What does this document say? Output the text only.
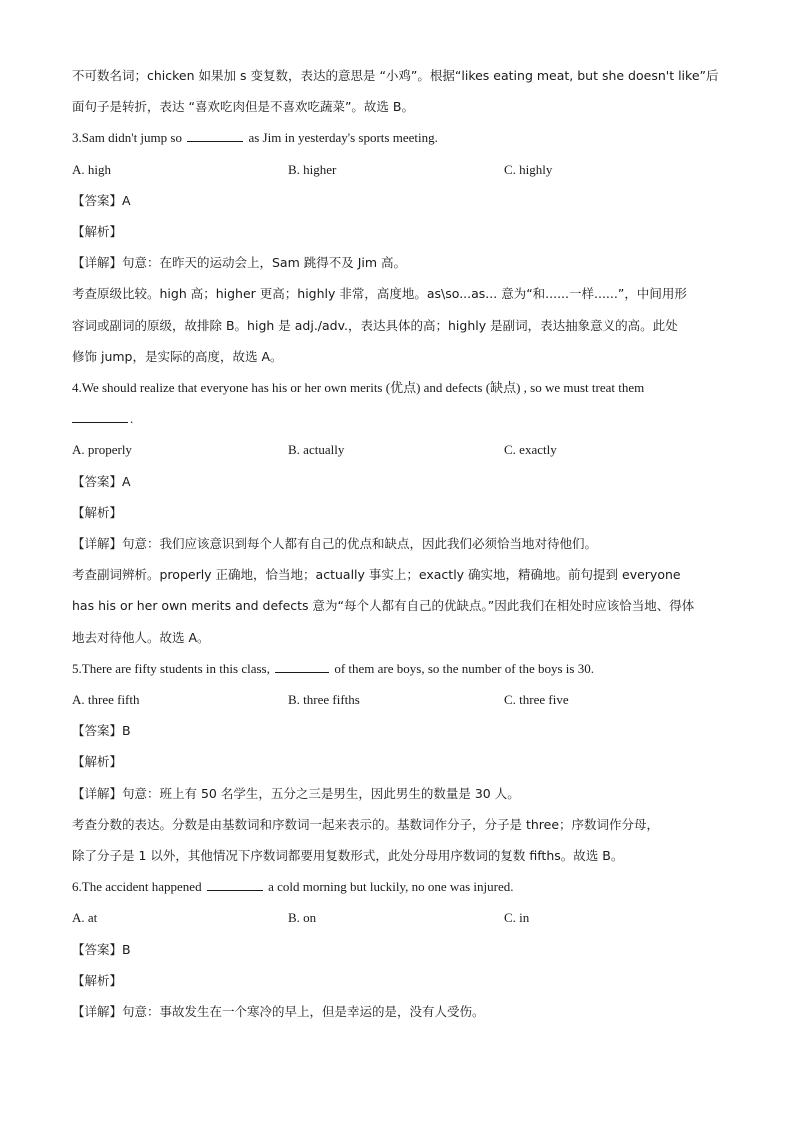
不可数名词；chicken 如果加 s 变复数，表达的意思是 “小鸡”。根据“likes eating meat, but she doesn't like”后
面句子是转折，表达 “喜欢吃肉但是不喜欢吃蔬菜”。故选 B。
3.Sam didn't jump so	as Jim in yesterday's sports meeting.
A. high	B. higher	C. highly
【答案】A
【解析】
【详解】句意：在昨天的运动会上，Sam 跳得不及 Jim 高。
考查原级比较。high 高；higher 更高；highly 非常，高度地。as\so...as... 意为“和......一样......”，中间用形
容词或副词的原级，故排除 B。high 是 adj./adv.，表达具体的高；highly 是副词，表达抽象意义的高。此处
修饰 jump，是实际的高度，故选 A。
4.We should realize that everyone has his or her own merits (优点) and defects (缺点) , so we must treat them
.
A. properly	B. actually	C. exactly
【答案】A
【解析】
【详解】句意：我们应该意识到每个人都有自己的优点和缺点，因此我们必须恰当地对待他们。
考查副词辨析。properly 正确地，恰当地；actually 事实上；exactly 确实地，精确地。前句提到 everyone
has his or her own merits and defects 意为“每个人都有自己的优缺点。”因此我们在相处时应该恰当地、得体
地去对待他人。故选 A。
5.There are fifty students in this class,	of them are boys, so the number of the boys is 30.
A. three fifth	B. three fifths	C. three five
【答案】B
【解析】
【详解】句意：班上有 50 名学生，五分之三是男生，因此男生的数量是 30 人。
考查分数的表达。分数是由基数词和序数词一起来表示的。基数词作分子，分子是 three；序数词作分母，
除了分子是 1 以外，其他情况下序数词都要用复数形式，此处分母用序数词的复数 fifths。故选 B。
6.The accident happened	a cold morning but luckily, no one was injured.
A. at	B. on	C. in
【答案】B
【解析】
【详解】句意：事故发生在一个寒冷的早上，但是幸运的是，没有人受伤。
